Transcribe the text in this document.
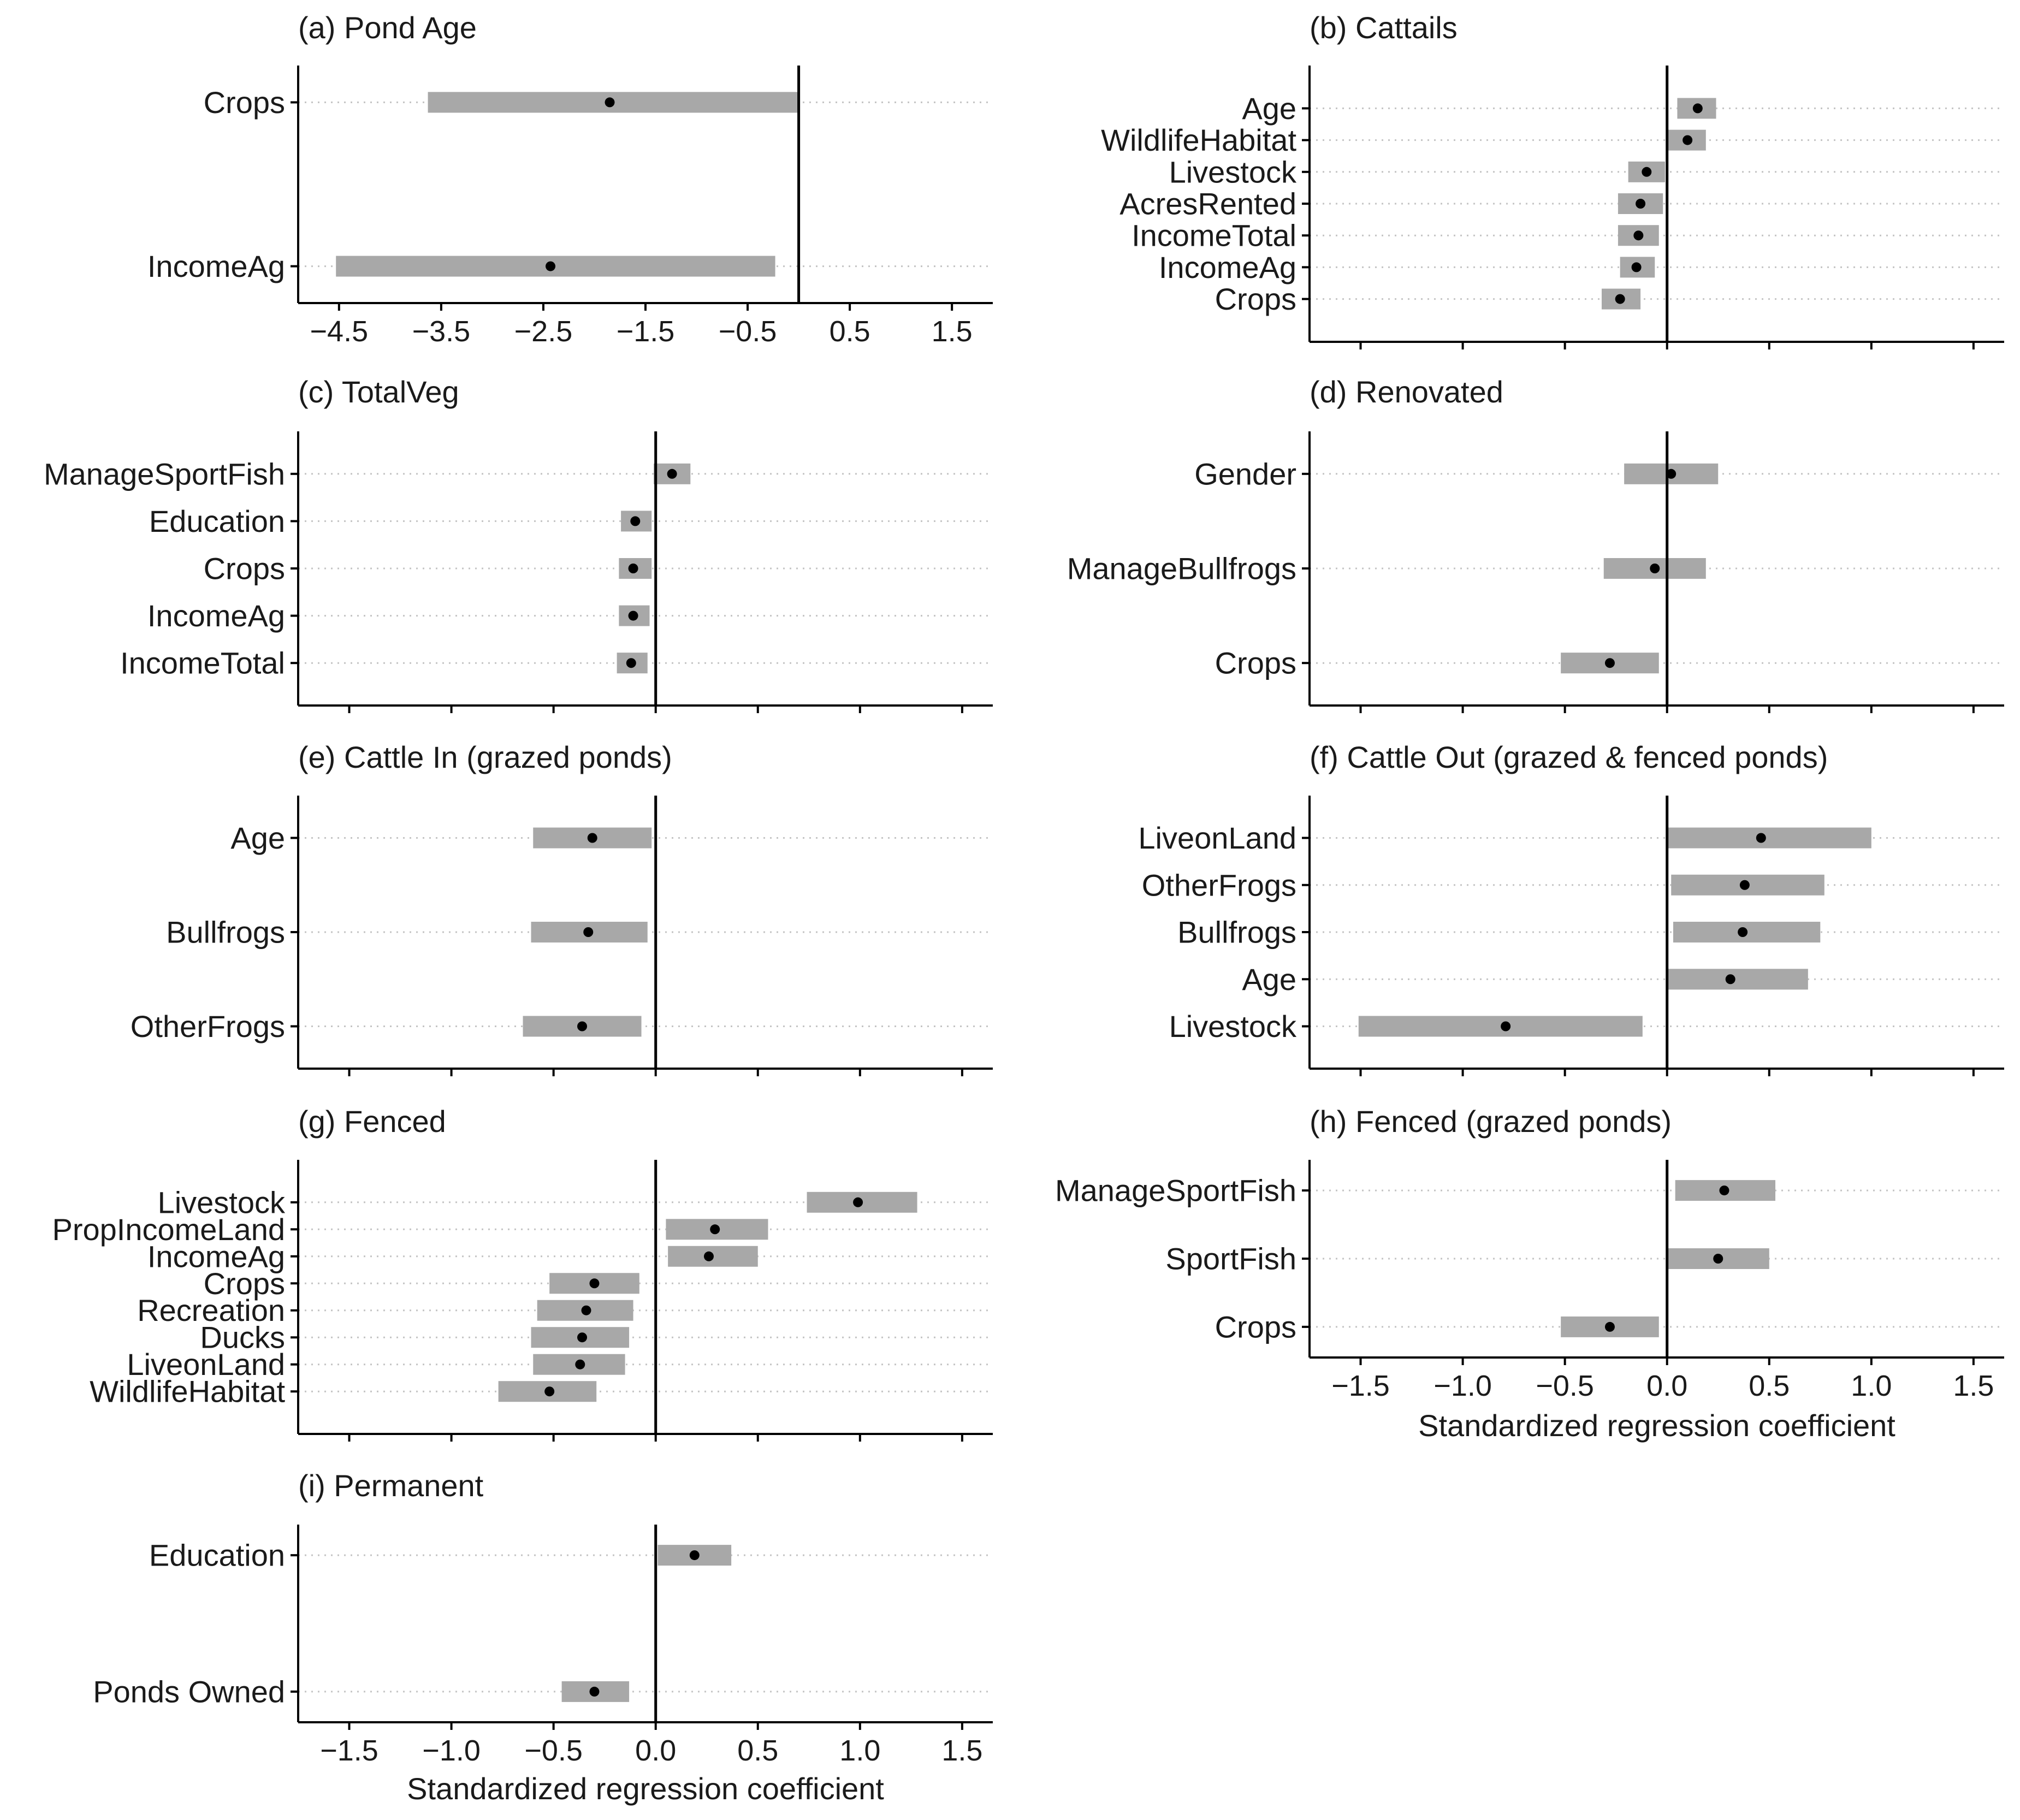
(a) Pond Age
Crops
IncomeAg
−4.5 −3.5 −2.5 −1.5 −0.5 0.5 1.5
(b) Cattails
Age
WildlifeHabitat
Livestock
AcresRented
IncomeTotal
IncomeAg
Crops
(c) TotalVeg
ManageSportFish
Education
Crops
IncomeAg
IncomeTotal
(d) Renovated
Gender
ManageBullfrogs
Crops
(e) Cattle In (grazed ponds)
Age
Bullfrogs
OtherFrogs
(f) Cattle Out (grazed & fenced ponds)
LiveonLand
OtherFrogs
Bullfrogs
Age
Livestock
(g) Fenced
Livestock
PropIncomeLand
IncomeAg
Crops
Recreation
Ducks
LiveonLand
WildlifeHabitat
(h) Fenced (grazed ponds)
ManageSportFish
SportFish
Crops
−1.5 −1.0 −0.5 0.0 0.5 1.0 1.5
Standardized regression coefficient
(i) Permanent
Education
Ponds Owned
−1.5 −1.0 −0.5 0.0 0.5 1.0 1.5
Standardized regression coefficient
